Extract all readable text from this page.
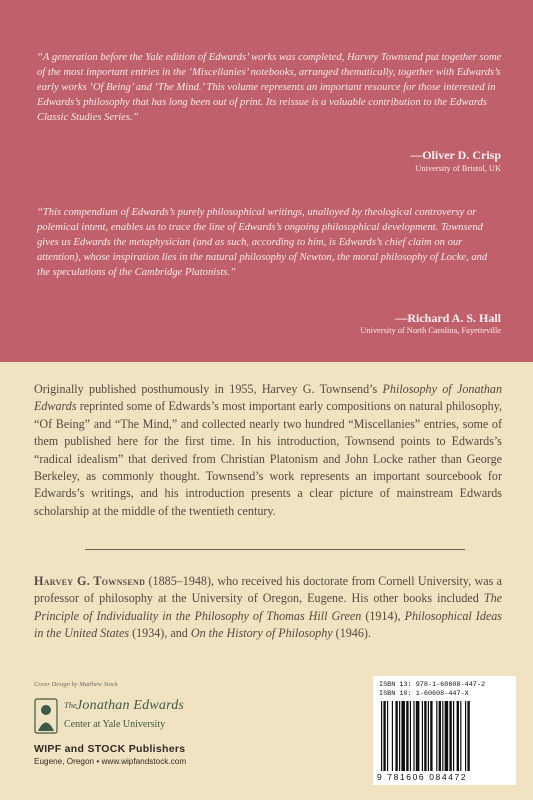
“A generation before the Yale edition of Edwards’ works was completed, Harvey Townsend put together some of the most important entries in the ‘Miscellanies’ notebooks, arranged thematically, together with Edwards’s early works ‘Of Being’ and ‘The Mind.’ This volume represents an important resource for those interested in Edwards’s philosophy that has long been out of print. Its reissue is a valuable contribution to the Edwards Classic Studies Series.”

—Oliver D. Crisp

University of Bristol, UK

“This compendium of Edwards’s purely philosophical writings, unalloyed by theological controversy or polemical intent, enables us to trace the line of Edwards’s ongoing philosophical development. Townsend gives us Edwards the metaphysician (and as such, according to him, is Edwards’s chief claim on our attention), whose inspiration lies in the natural philosophy of Newton, the moral philosophy of Locke, and the speculations of the Cambridge Platonists.”

—Richard A. S. Hall

University of North Carolina, Fayetteville

Originally published posthumously in 1955, Harvey G. Townsend’s Philosophy of Jonathan Edwards reprinted some of Edwards’s most important early compositions on natural philosophy, “Of Being” and “The Mind,” and collected nearly two hundred “Miscellanies” entries, some of them published here for the first time. In his introduction, Townsend points to Edwards’s “radical idealism” that derived from Christian Platonism and John Locke rather than George Berkeley, as commonly thought. Townsend’s work represents an important sourcebook for Edwards’s writings, and his introduction presents a clear picture of mainstream Edwards scholarship at the middle of the twentieth century.

Harvey G. Townsend (1885–1948), who received his doctorate from Cornell University, was a professor of philosophy at the University of Oregon, Eugene. His other books included The Principle of Individuality in the Philosophy of Thomas Hill Green (1914), Philosophical Ideas in the United States (1934), and On the History of Philosophy (1946).

Cover Design by Matthew Stock
The Jonathan Edwards
Center at Yale University
WIPF and STOCK Publishers
Eugene, Oregon • www.wipfandstock.com
ISBN 13: 978-1-60608-447-2
ISBN 10: 1-60608-447-X
9 781606 084472
